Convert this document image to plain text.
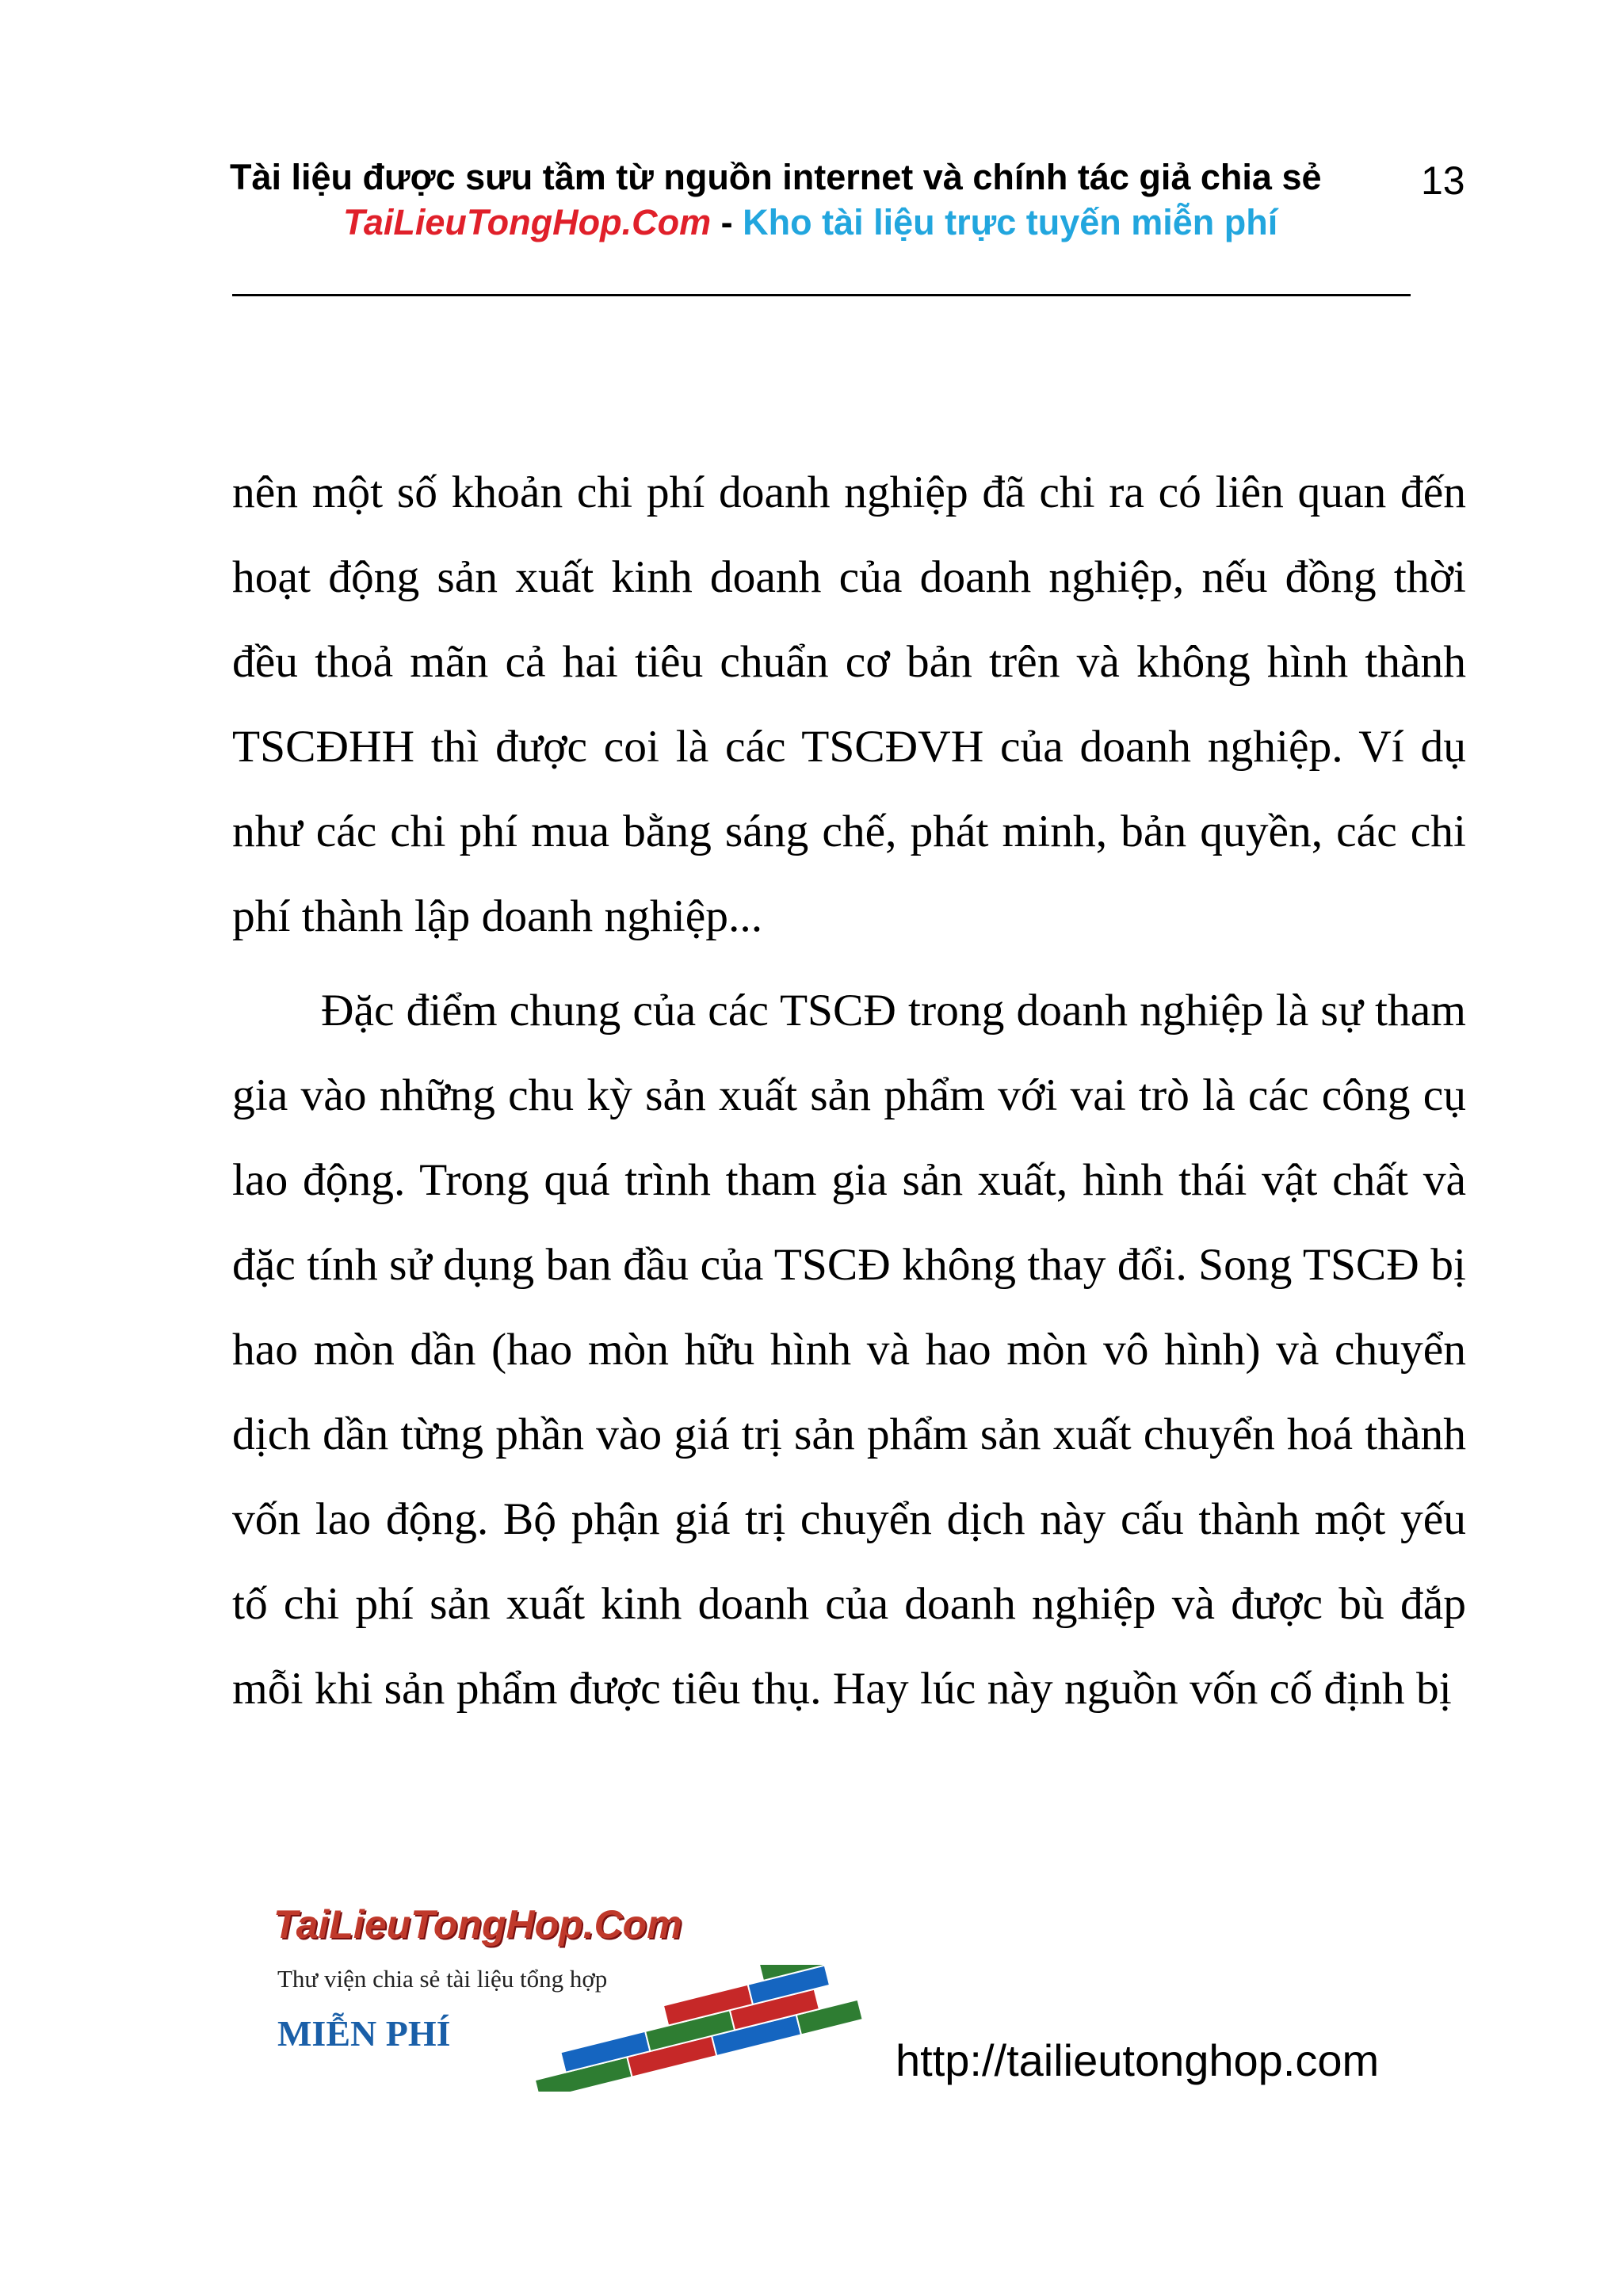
Tài liệu được sưu tầm từ nguồn internet và chính tác giả chia sẻ	13
TaiLieuTongHop.Com - Kho tài liệu trực tuyến miễn phí

nên một số khoản chi phí doanh nghiệp đã chi ra có liên quan đến hoạt động sản xuất kinh doanh của doanh nghiệp, nếu đồng thời đều thoả mãn cả hai tiêu chuẩn cơ bản trên và không hình thành TSCĐHH thì được coi là các TSCĐVH của doanh nghiệp. Ví dụ như các chi phí mua bằng sáng chế, phát minh, bản quyền, các chi phí thành lập doanh nghiệp...

Đặc điểm chung của các TSCĐ trong doanh nghiệp là sự tham gia vào những chu kỳ sản xuất sản phẩm với vai trò là các công cụ lao động. Trong quá trình tham gia sản xuất, hình thái vật chất và đặc tính sử dụng ban đầu của TSCĐ không thay đổi. Song TSCĐ bị hao mòn dần (hao mòn hữu hình và hao mòn vô hình) và chuyển dịch dần từng phần vào giá trị sản phẩm sản xuất chuyển hoá thành vốn lao động. Bộ phận giá trị chuyển dịch này cấu thành một yếu tố chi phí sản xuất kinh doanh của doanh nghiệp và được bù đắp mỗi khi sản phẩm được tiêu thụ. Hay lúc này nguồn vốn cố định bị

TaiLieuTongHop.Com
Thư viện chia sẻ tài liệu tổng hợp
MIỄN PHÍ
http://tailieutonghop.com
